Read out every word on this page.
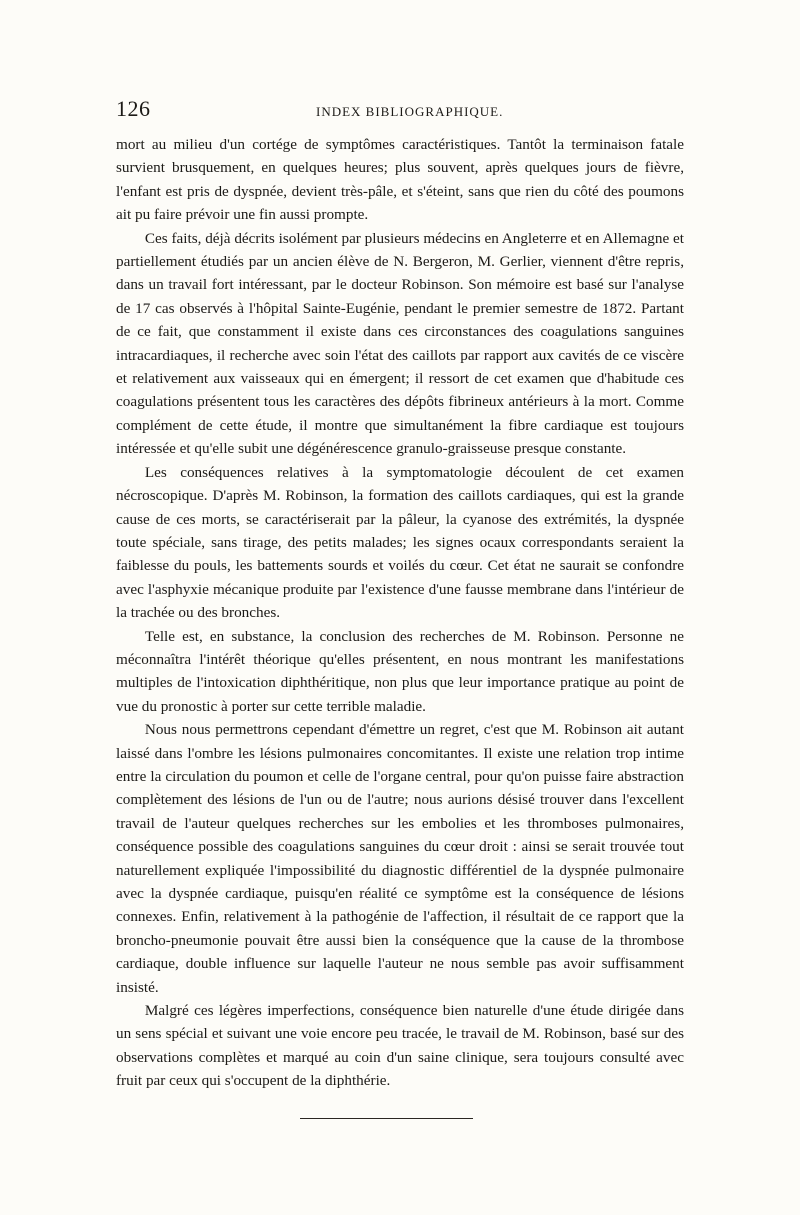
126	INDEX BIBLIOGRAPHIQUE.

mort au milieu d'un cortége de symptômes caractéristiques. Tantôt la terminaison fatale survient brusquement, en quelques heures; plus souvent, après quelques jours de fièvre, l'enfant est pris de dyspnée, devient très-pâle, et s'éteint, sans que rien du côté des poumons ait pu faire prévoir une fin aussi prompte.

Ces faits, déjà décrits isolément par plusieurs médecins en Angleterre et en Allemagne et partiellement étudiés par un ancien élève de N. Bergeron, M. Gerlier, viennent d'être repris, dans un travail fort intéressant, par le docteur Robinson. Son mémoire est basé sur l'analyse de 17 cas observés à l'hôpital Sainte-Eugénie, pendant le premier semestre de 1872. Partant de ce fait, que constamment il existe dans ces circonstances des coagulations sanguines intracardiaques, il recherche avec soin l'état des caillots par rapport aux cavités de ce viscère et relativement aux vaisseaux qui en émergent; il ressort de cet examen que d'habitude ces coagulations présentent tous les caractères des dépôts fibrineux antérieurs à la mort. Comme complément de cette étude, il montre que simultanément la fibre cardiaque est toujours intéressée et qu'elle subit une dégénérescence granulo-graisseuse presque constante.

Les conséquences relatives à la symptomatologie découlent de cet examen nécroscopique. D'après M. Robinson, la formation des caillots cardiaques, qui est la grande cause de ces morts, se caractériserait par la pâleur, la cyanose des extrémités, la dyspnée toute spéciale, sans tirage, des petits malades; les signes ocaux correspondants seraient la faiblesse du pouls, les battements sourds et voilés du cœur. Cet état ne saurait se confondre avec l'asphyxie mécanique produite par l'existence d'une fausse membrane dans l'intérieur de la trachée ou des bronches.

Telle est, en substance, la conclusion des recherches de M. Robinson. Personne ne méconnaîtra l'intérêt théorique qu'elles présentent, en nous montrant les manifestations multiples de l'intoxication diphthéritique, non plus que leur importance pratique au point de vue du pronostic à porter sur cette terrible maladie.

Nous nous permettrons cependant d'émettre un regret, c'est que M. Robinson ait autant laissé dans l'ombre les lésions pulmonaires concomitantes. Il existe une relation trop intime entre la circulation du poumon et celle de l'organe central, pour qu'on puisse faire abstraction complètement des lésions de l'un ou de l'autre; nous aurions désisé trouver dans l'excellent travail de l'auteur quelques recherches sur les embolies et les thromboses pulmonaires, conséquence possible des coagulations sanguines du cœur droit : ainsi se serait trouvée tout naturellement expliquée l'impossibilité du diagnostic différentiel de la dyspnée pulmonaire avec la dyspnée cardiaque, puisqu'en réalité ce symptôme est la conséquence de lésions connexes. Enfin, relativement à la pathogénie de l'affection, il résultait de ce rapport que la broncho-pneumonie pouvait être aussi bien la conséquence que la cause de la thrombose cardiaque, double influence sur laquelle l'auteur ne nous semble pas avoir suffisamment insisté.

Malgré ces légères imperfections, conséquence bien naturelle d'une étude dirigée dans un sens spécial et suivant une voie encore peu tracée, le travail de M. Robinson, basé sur des observations complètes et marqué au coin d'un saine clinique, sera toujours consulté avec fruit par ceux qui s'occupent de la diphthérie.
